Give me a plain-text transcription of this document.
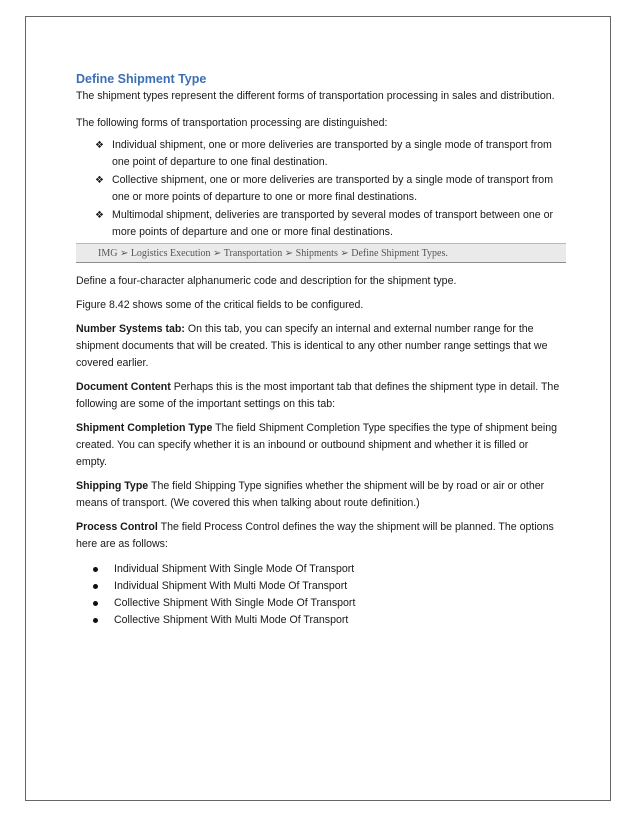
Define Shipment Type

The shipment types represent the different forms of transportation processing in sales and distribution.

The following forms of transportation processing are distinguished:

❖ Individual shipment, one or more deliveries are transported by a single mode of transport from
one point of departure to one final destination.
❖ Collective shipment, one or more deliveries are transported by a single mode of transport from
one or more points of departure to one or more final destinations.
❖ Multimodal shipment, deliveries are transported by several modes of transport between one or
more points of departure and one or more final destinations.
IMG ➢ Logistics Execution ➢ Transportation ➢ Shipments ➢ Define Shipment Types.

Define a four-character alphanumeric code and description for the shipment type.

Figure 8.42 shows some of the critical fields to be configured.

Number Systems tab: On this tab, you can specify an internal and external number range for the
shipment documents that will be created. This is identical to any other number range settings that we
covered earlier.

Document Content Perhaps this is the most important tab that defines the shipment type in detail. The
following are some of the important settings on this tab:

Shipment Completion Type The field Shipment Completion Type specifies the type of shipment being
created. You can specify whether it is an inbound or outbound shipment and whether it is filled or
empty.

Shipping Type The field Shipping Type signifies whether the shipment will be by road or air or other
means of transport. (We covered this when talking about route definition.)

Process Control The field Process Control defines the way the shipment will be planned. The options
here are as follows:

Individual Shipment With Single Mode Of Transport
Individual Shipment With Multi Mode Of Transport
Collective Shipment With Single Mode Of Transport
Collective Shipment With Multi Mode Of Transport
